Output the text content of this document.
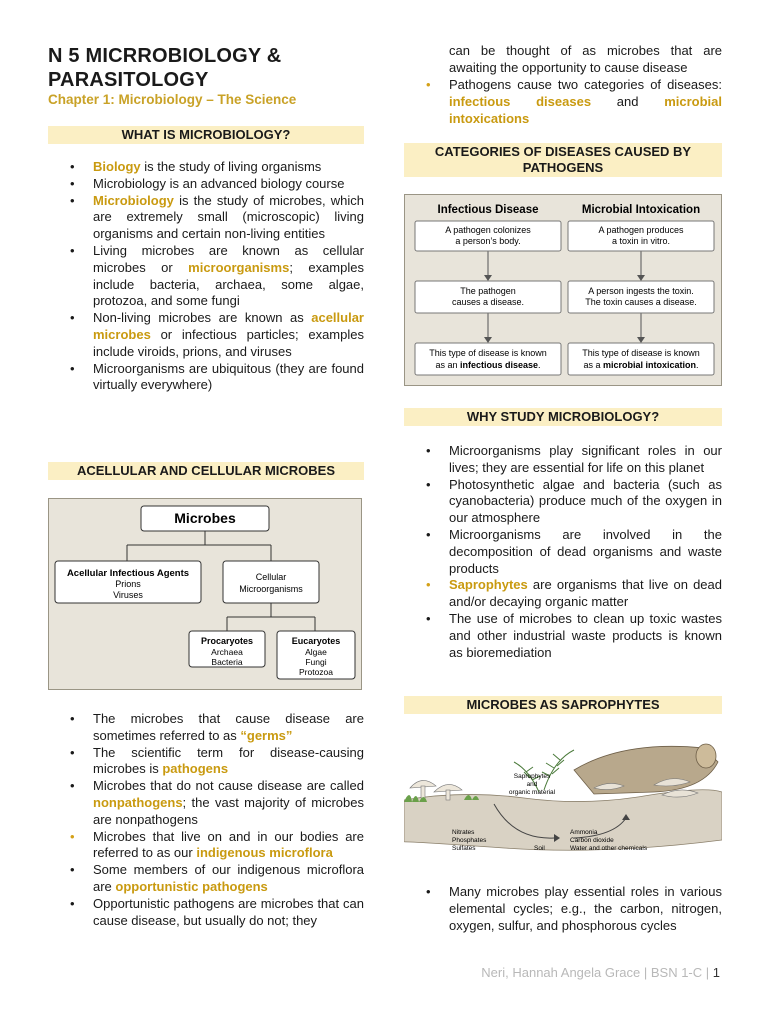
N 5 MICRROBIOLOGY & PARASITOLOGY
Chapter 1: Microbiology – The Science
WHAT IS MICROBIOLOGY?
• Biology is the study of living organisms
• Microbiology is an advanced biology course
• Microbiology is the study of microbes, which are extremely small (microscopic) living organisms and certain non-living entities
• Living microbes are known as cellular microbes or microorganisms; examples include bacteria, archaea, some algae, protozoa, and some fungi
• Non-living microbes are known as acellular microbes or infectious particles; examples include viroids, prions, and viruses
• Microorganisms are ubiquitous (they are found virtually everywhere)
ACELLULAR AND CELLULAR MICROBES
Microbes
Acellular Infectious Agents
Prions
Viruses
Cellular
Microorganisms
Procaryotes
Archaea
Bacteria
Eucaryotes
Algae
Fungi
Protozoa
• The microbes that cause disease are sometimes referred to as “germs”
• The scientific term for disease-causing microbes is pathogens
• Microbes that do not cause disease are called nonpathogens; the vast majority of microbes are nonpathogens
• Microbes that live on and in our bodies are referred to as our indigenous microflora
• Some members of our indigenous microflora are opportunistic pathogens
• Opportunistic pathogens are microbes that can cause disease, but usually do not; they
can be thought of as microbes that are awaiting the opportunity to cause disease
• Pathogens cause two categories of diseases: infectious diseases and microbial intoxications
CATEGORIES OF DISEASES CAUSED BY
PATHOGENS
Infectious Disease	Microbial Intoxication
A pathogen colonizes
a person’s body.
The pathogen
causes a disease.
This type of disease is known
as an infectious disease.
A pathogen produces
a toxin in vitro.
A person ingests the toxin.
The toxin causes a disease.
This type of disease is known
as a microbial intoxication.
WHY STUDY MICROBIOLOGY?
• Microorganisms play significant roles in our lives; they are essential for life on this planet
• Photosynthetic algae and bacteria (such as cyanobacteria) produce much of the oxygen in our atmosphere
• Microorganisms are involved in the decomposition of dead organisms and waste products
• Saprophytes are organisms that live on dead and/or decaying organic matter
• The use of microbes to clean up toxic wastes and other industrial waste products is known as bioremediation
MICROBES AS SAPROPHYTES
Saprophytes
and
organic material
Nitrates
Phosphates
Sulfates	Soil
Ammonia
Carbon dioxide
Water and other chemicals
• Many microbes play essential roles in various elemental cycles; e.g., the carbon, nitrogen, oxygen, sulfur, and phosphorous cycles
Neri, Hannah Angela Grace | BSN 1-C | 1
